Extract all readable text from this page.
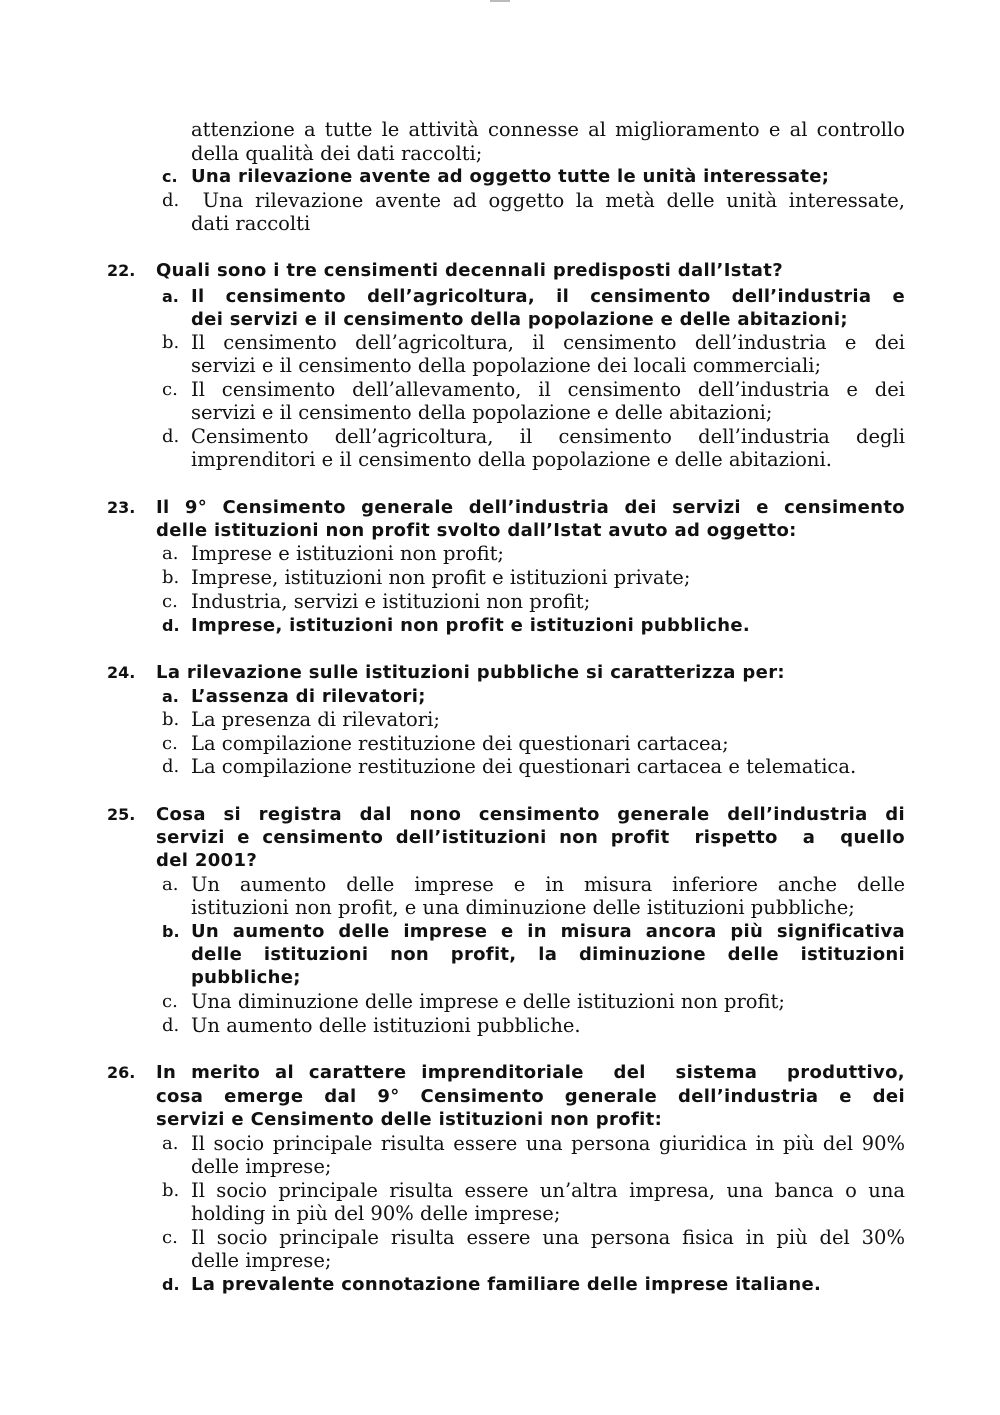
attenzione a tutte le attività connesse al miglioramento e al controllo
della qualità dei dati raccolti;
c. Una rilevazione avente ad oggetto tutte le unità interessate;
d. Una rilevazione avente ad oggetto la metà delle unità interessate,
dati raccolti
22. Quali sono i tre censimenti decennali predisposti dall’Istat?
a. Il censimento dell’agricoltura, il censimento dell’industria e
dei servizi e il censimento della popolazione e delle abitazioni;
b. Il censimento dell’agricoltura, il censimento dell’industria e dei
servizi e il censimento della popolazione dei locali commerciali;
c. Il censimento dell’allevamento, il censimento dell’industria e dei
servizi e il censimento della popolazione e delle abitazioni;
d. Censimento dell’agricoltura, il censimento dell’industria degli
imprenditori e il censimento della popolazione e delle abitazioni.
23. Il 9° Censimento generale dell’industria dei servizi e censimento
delle istituzioni non profit svolto dall’Istat avuto ad oggetto:
a. Imprese e istituzioni non profit;
b. Imprese, istituzioni non profit e istituzioni private;
c. Industria, servizi e istituzioni non profit;
d. Imprese, istituzioni non profit e istituzioni pubbliche.
24. La rilevazione sulle istituzioni pubbliche si caratterizza per:
a. L’assenza di rilevatori;
b. La presenza di rilevatori;
c. La compilazione restituzione dei questionari cartacea;
d. La compilazione restituzione dei questionari cartacea e telematica.
25. Cosa si registra dal nono censimento generale dell’industria di
servizi e censimento dell’istituzioni non profit  rispetto  a  quello
del 2001?
a. Un aumento delle imprese e in misura inferiore anche delle
istituzioni non profit, e una diminuzione delle istituzioni pubbliche;
b. Un aumento delle imprese e in misura ancora più significativa
delle istituzioni non profit, la diminuzione delle istituzioni
pubbliche;
c. Una diminuzione delle imprese e delle istituzioni non profit;
d. Un aumento delle istituzioni pubbliche.
26. In merito al carattere imprenditoriale  del  sistema  produttivo,
cosa emerge dal 9° Censimento generale dell’industria e dei
servizi e Censimento delle istituzioni non profit:
a. Il socio principale risulta essere una persona giuridica in più del 90%
delle imprese;
b. Il socio principale risulta essere un’altra impresa, una banca o una
holding in più del 90% delle imprese;
c. Il socio principale risulta essere una persona fisica in più del 30%
delle imprese;
d. La prevalente connotazione familiare delle imprese italiane.
